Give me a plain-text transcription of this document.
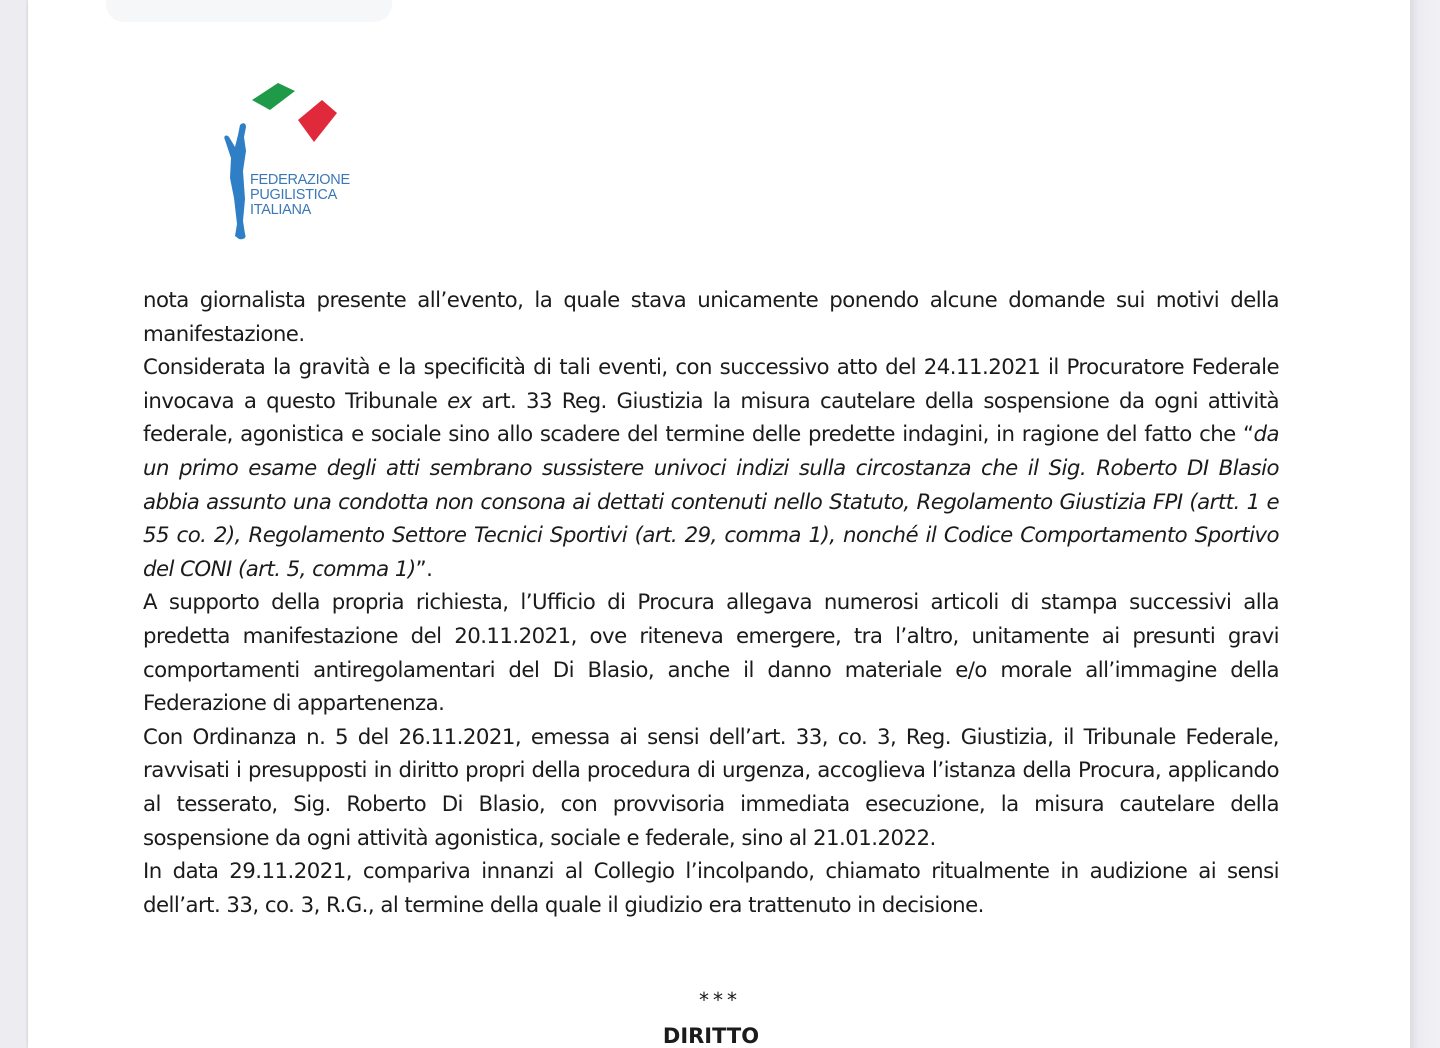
FEDERAZIONE
PUGILISTICA
ITALIANA

nota giornalista presente all’evento, la quale stava unicamente ponendo alcune domande sui motivi della manifestazione.

Considerata la gravità e la specificità di tali eventi, con successivo atto del 24.11.2021 il Procuratore Federale invocava a questo Tribunale ex art. 33 Reg. Giustizia la misura cautelare della sospensione da ogni attività federale, agonistica e sociale sino allo scadere del termine delle predette indagini, in ragione del fatto che “da un primo esame degli atti sembrano sussistere univoci indizi sulla circostanza che il Sig. Roberto DI Blasio abbia assunto una condotta non consona ai dettati contenuti nello Statuto, Regolamento Giustizia FPI (artt. 1 e 55 co. 2), Regolamento Settore Tecnici Sportivi (art. 29, comma 1), nonché il Codice Comportamento Sportivo del CONI (art. 5, comma 1)”.

A supporto della propria richiesta, l’Ufficio di Procura allegava numerosi articoli di stampa successivi alla predetta manifestazione del 20.11.2021, ove riteneva emergere, tra l’altro, unitamente ai presunti gravi comportamenti antiregolamentari del Di Blasio, anche il danno materiale e/o morale all’immagine della Federazione di appartenenza.

Con Ordinanza n. 5 del 26.11.2021, emessa ai sensi dell’art. 33, co. 3, Reg. Giustizia, il Tribunale Federale, ravvisati i presupposti in diritto propri della procedura di urgenza, accoglieva l’istanza della Procura, applicando al tesserato, Sig. Roberto Di Blasio, con provvisoria immediata esecuzione, la misura cautelare della sospensione da ogni attività agonistica, sociale e federale, sino al 21.01.2022.

In data 29.11.2021, compariva innanzi al Collegio l’incolpando, chiamato ritualmente in audizione ai sensi dell’art. 33, co. 3, R.G., al termine della quale il giudizio era trattenuto in decisione.

***
DIRITTO
